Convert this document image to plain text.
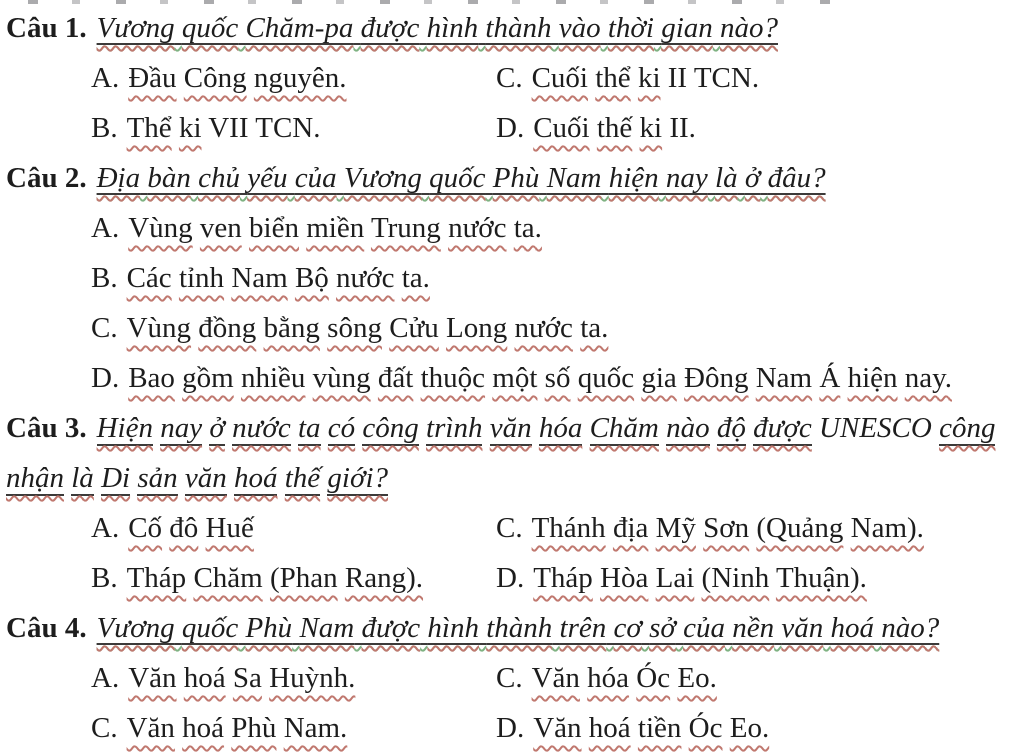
Câu 1. Vương quốc Chăm-pa được hình thành vào thời gian nào?
A. Đầu Công nguyên.	C. Cuối thể ki II TCN.
B. Thể ki VII TCN.	D. Cuối thế ki II.
Câu 2. Địa bàn chủ yếu của Vương quốc Phù Nam hiện nay là ở đâu?
A. Vùng ven biển miền Trung nước ta.
B. Các tỉnh Nam Bộ nước ta.
C. Vùng đồng bằng sông Cửu Long nước ta.
D. Bao gồm nhiều vùng đất thuộc một số quốc gia Đông Nam Á hiện nay.
Câu 3. Hiện nay ở nước ta có công trình văn hóa Chăm nào độ được UNESCO công nhận là Di sản văn hoá thế giới?
A. Cố đô Huế	C. Thánh địa Mỹ Sơn (Quảng Nam).
B. Tháp Chăm (Phan Rang).	D. Tháp Hòa Lai (Ninh Thuận).
Câu 4. Vương quốc Phù Nam được hình thành trên cơ sở của nền văn hoá nào?
A. Văn hoá Sa Huỳnh.	C. Văn hóa Óc Eo.
C. Văn hoá Phù Nam.	D. Văn hoá tiền Óc Eo.
